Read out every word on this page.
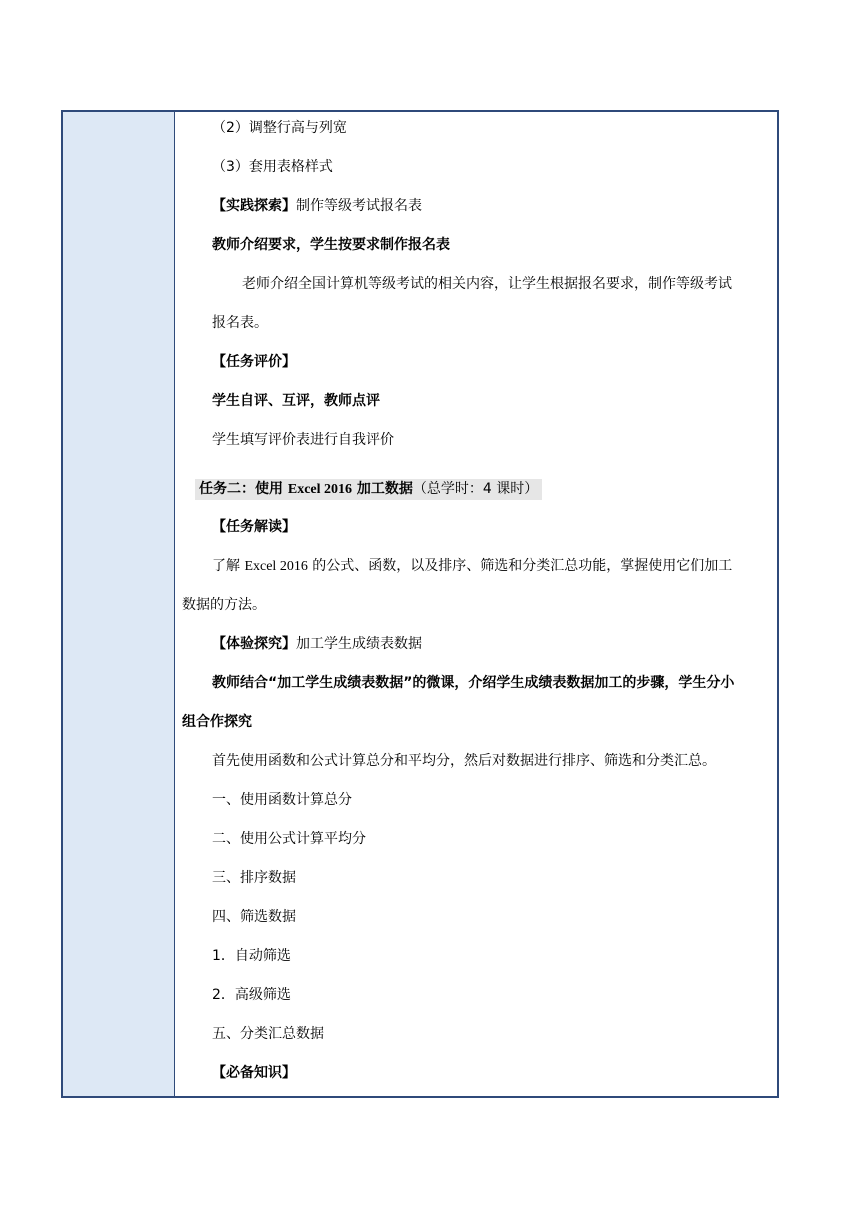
（2）调整行高与列宽
（3）套用表格样式
【实践探索】制作等级考试报名表
教师介绍要求，学生按要求制作报名表
老师介绍全国计算机等级考试的相关内容，让学生根据报名要求，制作等级考试
报名表。
【任务评价】
学生自评、互评，教师点评
学生填写评价表进行自我评价
任务二：使用 Excel 2016 加工数据（总学时：4 课时）
【任务解读】
了解 Excel 2016 的公式、函数，以及排序、筛选和分类汇总功能，掌握使用它们加工
数据的方法。
【体验探究】加工学生成绩表数据
教师结合“加工学生成绩表数据”的微课，介绍学生成绩表数据加工的步骤，学生分小
组合作探究
首先使用函数和公式计算总分和平均分，然后对数据进行排序、筛选和分类汇总。
一、使用函数计算总分
二、使用公式计算平均分
三、排序数据
四、筛选数据
1．自动筛选
2．高级筛选
五、分类汇总数据
【必备知识】
